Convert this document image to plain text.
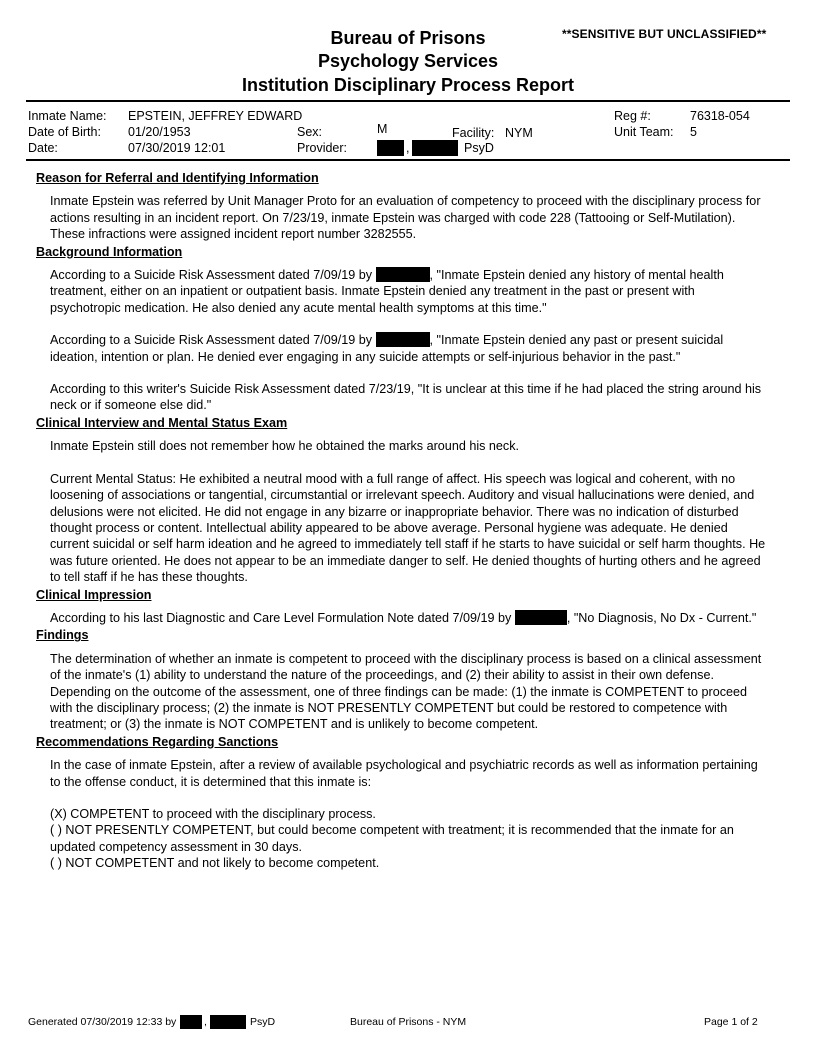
**SENSITIVE BUT UNCLASSIFIED**
Bureau of Prisons
Psychology Services
Institution Disciplinary Process Report
Inmate Name: EPSTEIN, JEFFREY EDWARD
Date of Birth: 01/20/1953
Date:	07/30/2019 12:01
Sex:	M
Provider:	,	PsyD
Facility: NYM
Reg #:	76318-054
Unit Team: 5

Reason for Referral and Identifying Information

Inmate Epstein was referred by Unit Manager Proto for an evaluation of competency to proceed with the disciplinary process for actions resulting in an incident report. On 7/23/19, inmate Epstein was charged with code 228 (Tattooing or Self-Mutilation). These infractions were assigned incident report number 3282555.

Background Information

According to a Suicide Risk Assessment dated 7/09/19 by	, "Inmate Epstein denied any history of mental health treatment, either on an inpatient or outpatient basis. Inmate Epstein denied any treatment in the past or present with psychotropic medication. He also denied any acute mental health symptoms at this time."

According to a Suicide Risk Assessment dated 7/09/19 by	, "Inmate Epstein denied any past or present suicidal ideation, intention or plan. He denied ever engaging in any suicide attempts or self-injurious behavior in the past."

According to this writer's Suicide Risk Assessment dated 7/23/19, "It is unclear at this time if he had placed the string around his neck or if someone else did."

Clinical Interview and Mental Status Exam

Inmate Epstein still does not remember how he obtained the marks around his neck.

Current Mental Status: He exhibited a neutral mood with a full range of affect. His speech was logical and coherent, with no loosening of associations or tangential, circumstantial or irrelevant speech. Auditory and visual hallucinations were denied, and delusions were not elicited. He did not engage in any bizarre or inappropriate behavior. There was no indication of disturbed thought process or content. Intellectual ability appeared to be above average. Personal hygiene was adequate. He denied current suicidal or self harm ideation and he agreed to immediately tell staff if he starts to have suicidal or self harm thoughts. He was future oriented. He does not appear to be an immediate danger to self. He denied thoughts of hurting others and he agreed to tell staff if he has these thoughts.

Clinical Impression

According to his last Diagnostic and Care Level Formulation Note dated 7/09/19 by	, "No Diagnosis, No Dx - Current."

Findings

The determination of whether an inmate is competent to proceed with the disciplinary process is based on a clinical assessment of the inmate's (1) ability to understand the nature of the proceedings, and (2) their ability to assist in their own defense. Depending on the outcome of the assessment, one of three findings can be made: (1) the inmate is COMPETENT to proceed with the disciplinary process; (2) the inmate is NOT PRESENTLY COMPETENT but could be restored to competence with treatment; or (3) the inmate is NOT COMPETENT and is unlikely to become competent.

Recommendations Regarding Sanctions

In the case of inmate Epstein, after a review of available psychological and psychiatric records as well as information pertaining to the offense conduct, it is determined that this inmate is:

(X) COMPETENT to proceed with the disciplinary process.
( ) NOT PRESENTLY COMPETENT, but could become competent with treatment; it is recommended that the inmate for an updated competency assessment in 30 days.
( ) NOT COMPETENT and not likely to become competent.
Generated 07/30/2019 12:33 by	,	PsyD	Bureau of Prisons - NYM	Page 1 of 2
